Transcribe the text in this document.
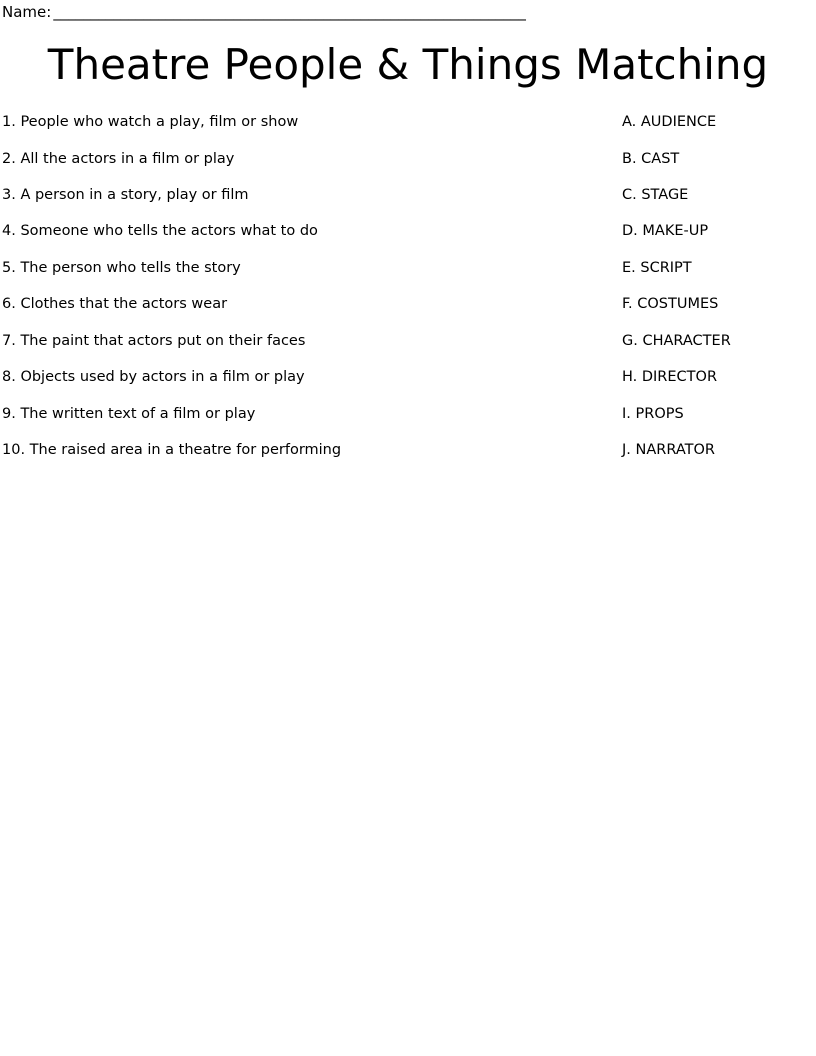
Name: _______________________________________________________________
Theatre People & Things Matching
1. People who watch a play, film or show
2. All the actors in a film or play
3. A person in a story, play or film
4. Someone who tells the actors what to do
5. The person who tells the story
6. Clothes that the actors wear
7. The paint that actors put on their faces
8. Objects used by actors in a film or play
9. The written text of a film or play
10. The raised area in a theatre for performing
A. AUDIENCE
B. CAST
C. STAGE
D. MAKE-UP
E. SCRIPT
F. COSTUMES
G. CHARACTER
H. DIRECTOR
I. PROPS
J. NARRATOR
